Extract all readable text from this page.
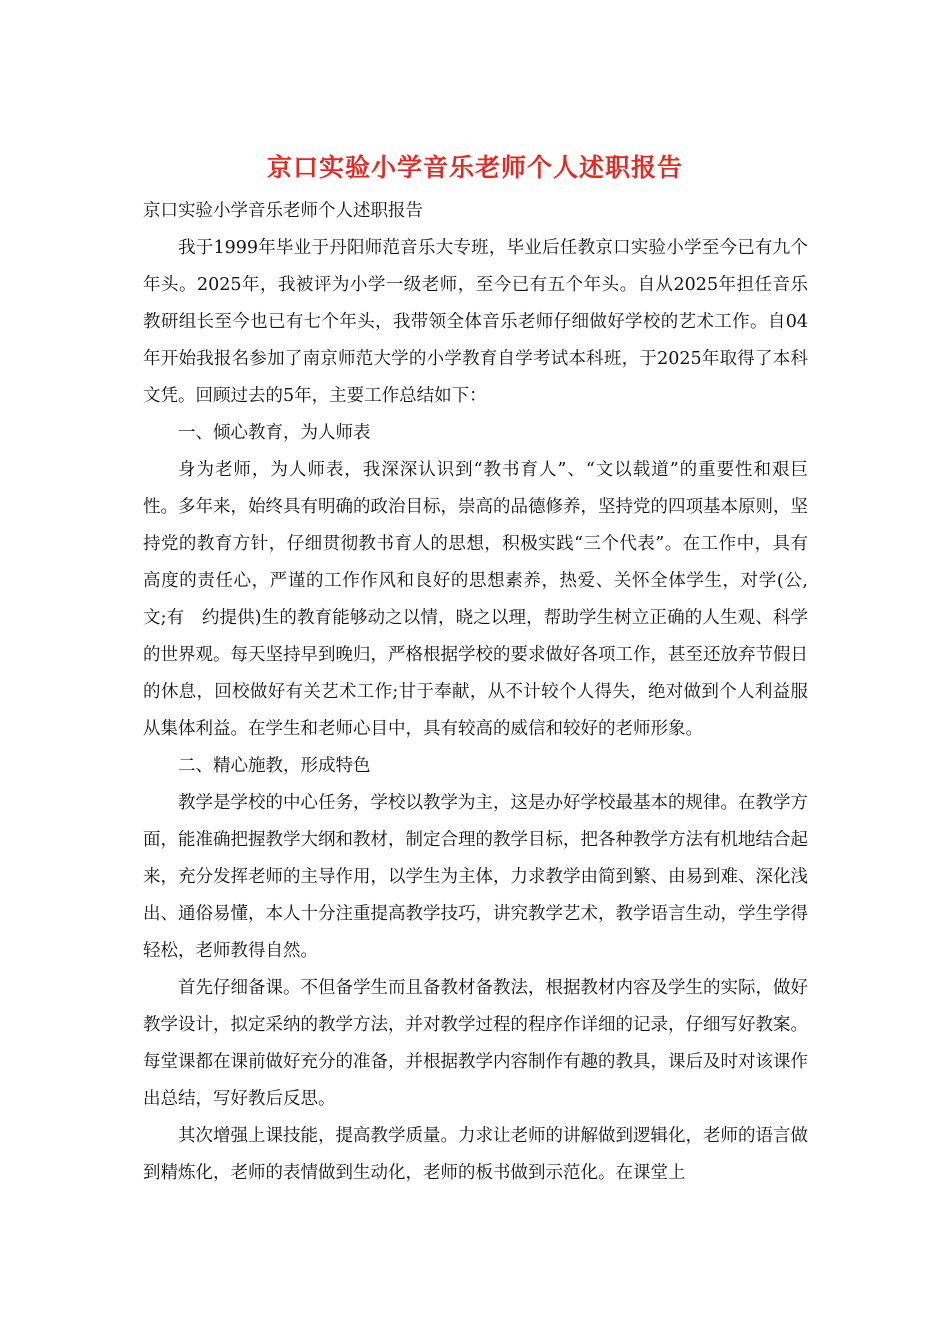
京口实验小学音乐老师个人述职报告

京口实验小学音乐老师个人述职报告

我于1999年毕业于丹阳师范音乐大专班，毕业后任教京口实验小学至今已有九个年头。2025年，我被评为小学一级老师，至今已有五个年头。自从2025年担任音乐教研组长至今也已有七个年头，我带领全体音乐老师仔细做好学校的艺术工作。自04年开始我报名参加了南京师范大学的小学教育自学考试本科班，于2025年取得了本科文凭。回顾过去的5年，主要工作总结如下：

一、倾心教育，为人师表

身为老师，为人师表，我深深认识到“教书育人”、“文以载道”的重要性和艰巨性。多年来，始终具有明确的政治目标，崇高的品德修养，坚持党的四项基本原则，坚持党的教育方针，仔细贯彻教书育人的思想，积极实践“三个代表”。在工作中，具有高度的责任心，严谨的工作作风和良好的思想素养，热爱、关怀全体学生，对学(公,文;有　约提供)生的教育能够动之以情，晓之以理，帮助学生树立正确的人生观、科学的世界观。每天坚持早到晚归，严格根据学校的要求做好各项工作，甚至还放弃节假日的休息，回校做好有关艺术工作;甘于奉献，从不计较个人得失，绝对做到个人利益服从集体利益。在学生和老师心目中，具有较高的威信和较好的老师形象。

二、精心施教，形成特色

教学是学校的中心任务，学校以教学为主，这是办好学校最基本的规律。在教学方面，能准确把握教学大纲和教材，制定合理的教学目标，把各种教学方法有机地结合起来，充分发挥老师的主导作用，以学生为主体，力求教学由简到繁、由易到难、深化浅出、通俗易懂，本人十分注重提高教学技巧，讲究教学艺术，教学语言生动，学生学得轻松，老师教得自然。

首先仔细备课。不但备学生而且备教材备教法，根据教材内容及学生的实际，做好教学设计，拟定采纳的教学方法，并对教学过程的程序作详细的记录，仔细写好教案。每堂课都在课前做好充分的准备，并根据教学内容制作有趣的教具，课后及时对该课作出总结，写好教后反思。

其次增强上课技能，提高教学质量。力求让老师的讲解做到逻辑化，老师的语言做到精炼化，老师的表情做到生动化，老师的板书做到示范化。在课堂上
